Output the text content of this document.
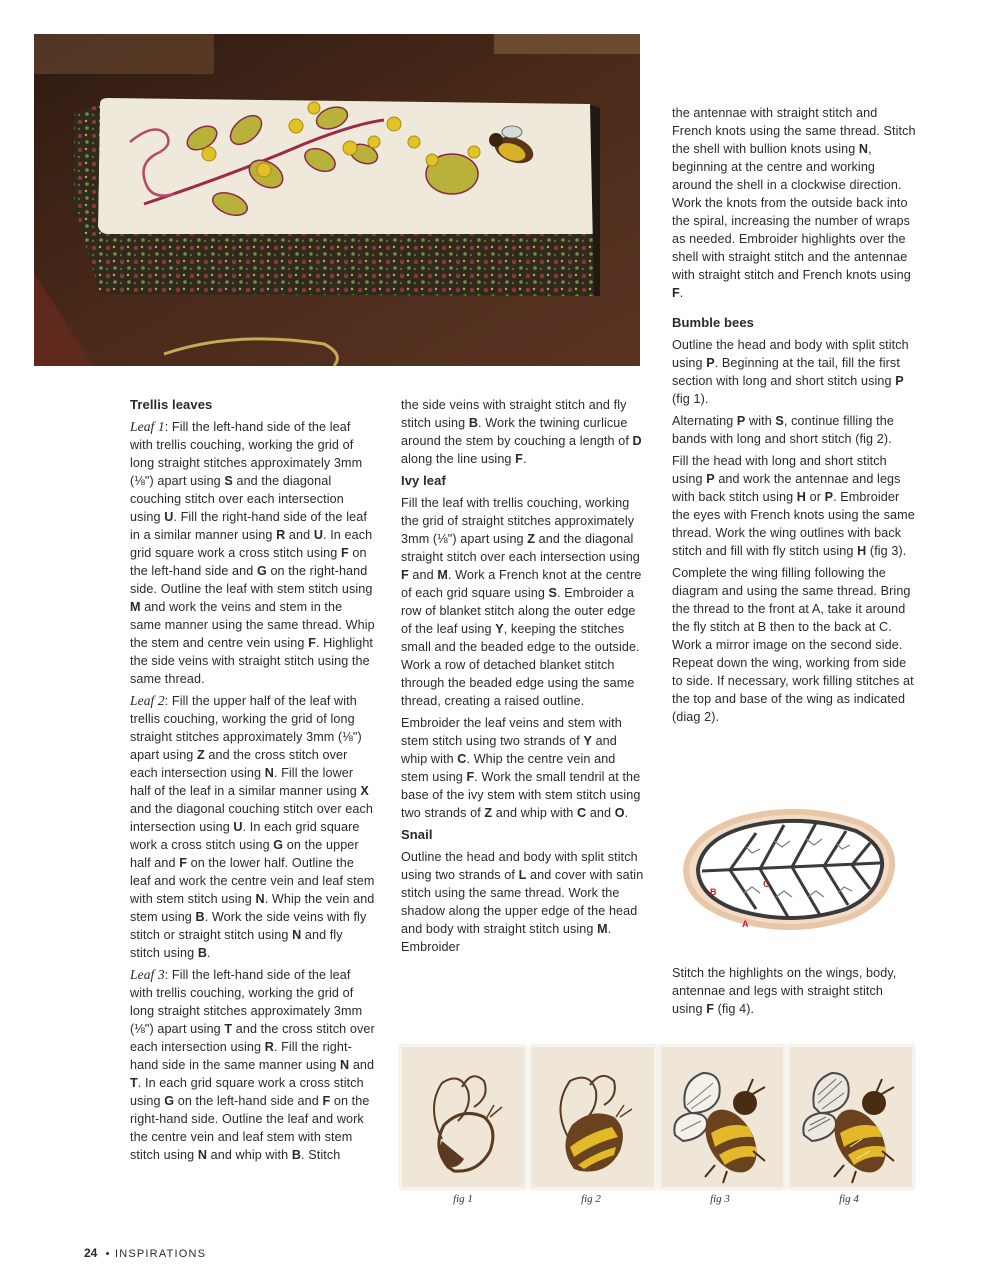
Trellis leaves

Leaf 1: Fill the left-hand side of the leaf with trellis couching, working the grid of long straight stitches approximately 3mm (⅛") apart using S and the diagonal couching stitch over each intersection using U. Fill the right-hand side of the leaf in a similar manner using R and U. In each grid square work a cross stitch using F on the left-hand side and G on the right-hand side. Outline the leaf with stem stitch using M and work the veins and stem in the same manner using the same thread. Whip the stem and centre vein using F. Highlight the side veins with straight stitch using the same thread.

Leaf 2: Fill the upper half of the leaf with trellis couching, working the grid of long straight stitches approximately 3mm (⅛") apart using Z and the cross stitch over each intersection using N. Fill the lower half of the leaf in a similar manner using X and the diagonal couching stitch over each intersection using U. In each grid square work a cross stitch using G on the upper half and F on the lower half. Outline the leaf and work the centre vein and leaf stem with stem stitch using N. Whip the vein and stem using B. Work the side veins with fly stitch or straight stitch using N and fly stitch using B.

Leaf 3: Fill the left-hand side of the leaf with trellis couching, working the grid of long straight stitches approximately 3mm (⅛") apart using T and the cross stitch over each intersection using R. Fill the right-hand side in the same manner using N and T. In each grid square work a cross stitch using G on the left-hand side and F on the right-hand side. Outline the leaf and work the centre vein and leaf stem with stem stitch using N and whip with B. Stitch

the side veins with straight stitch and fly stitch using B. Work the twining curlicue around the stem by couching a length of D along the line using F.

Ivy leaf

Fill the leaf with trellis couching, working the grid of straight stitches approximately 3mm (⅛") apart using Z and the diagonal straight stitch over each intersection using F and M. Work a French knot at the centre of each grid square using S. Embroider a row of blanket stitch along the outer edge of the leaf using Y, keeping the stitches small and the beaded edge to the outside. Work a row of detached blanket stitch through the beaded edge using the same thread, creating a raised outline.

Embroider the leaf veins and stem with stem stitch using two strands of Y and whip with C. Whip the centre vein and stem using F. Work the small tendril at the base of the ivy stem with stem stitch using two strands of Z and whip with C and O.

Snail

Outline the head and body with split stitch using two strands of L and cover with satin stitch using the same thread. Work the shadow along the upper edge of the head and body with straight stitch using M. Embroider

the antennae with straight stitch and French knots using the same thread. Stitch the shell with bullion knots using N, beginning at the centre and working around the shell in a clockwise direction. Work the knots from the outside back into the spiral, increasing the number of wraps as needed. Embroider highlights over the shell with straight stitch and the antennae with straight stitch and French knots using F.

Bumble bees

Outline the head and body with split stitch using P. Beginning at the tail, fill the first section with long and short stitch using P (fig 1).

Alternating P with S, continue filling the bands with long and short stitch (fig 2).

Fill the head with long and short stitch using P and work the antennae and legs with back stitch using H or P. Embroider the eyes with French knots using the same thread. Work the wing outlines with back stitch and fill with fly stitch using H (fig 3).

Complete the wing filling following the diagram and using the same thread. Bring the thread to the front at A, take it around the fly stitch at B then to the back at C. Work a mirror image on the second side. Repeat down the wing, working from side to side. If necessary, work filling stitches at the top and base of the wing as indicated (diag 2).

B
C
A

Stitch the highlights on the wings, body, antennae and legs with straight stitch using F (fig 4).

fig 1	fig 2	fig 3	fig 4
24 • INSPIRATIONS
